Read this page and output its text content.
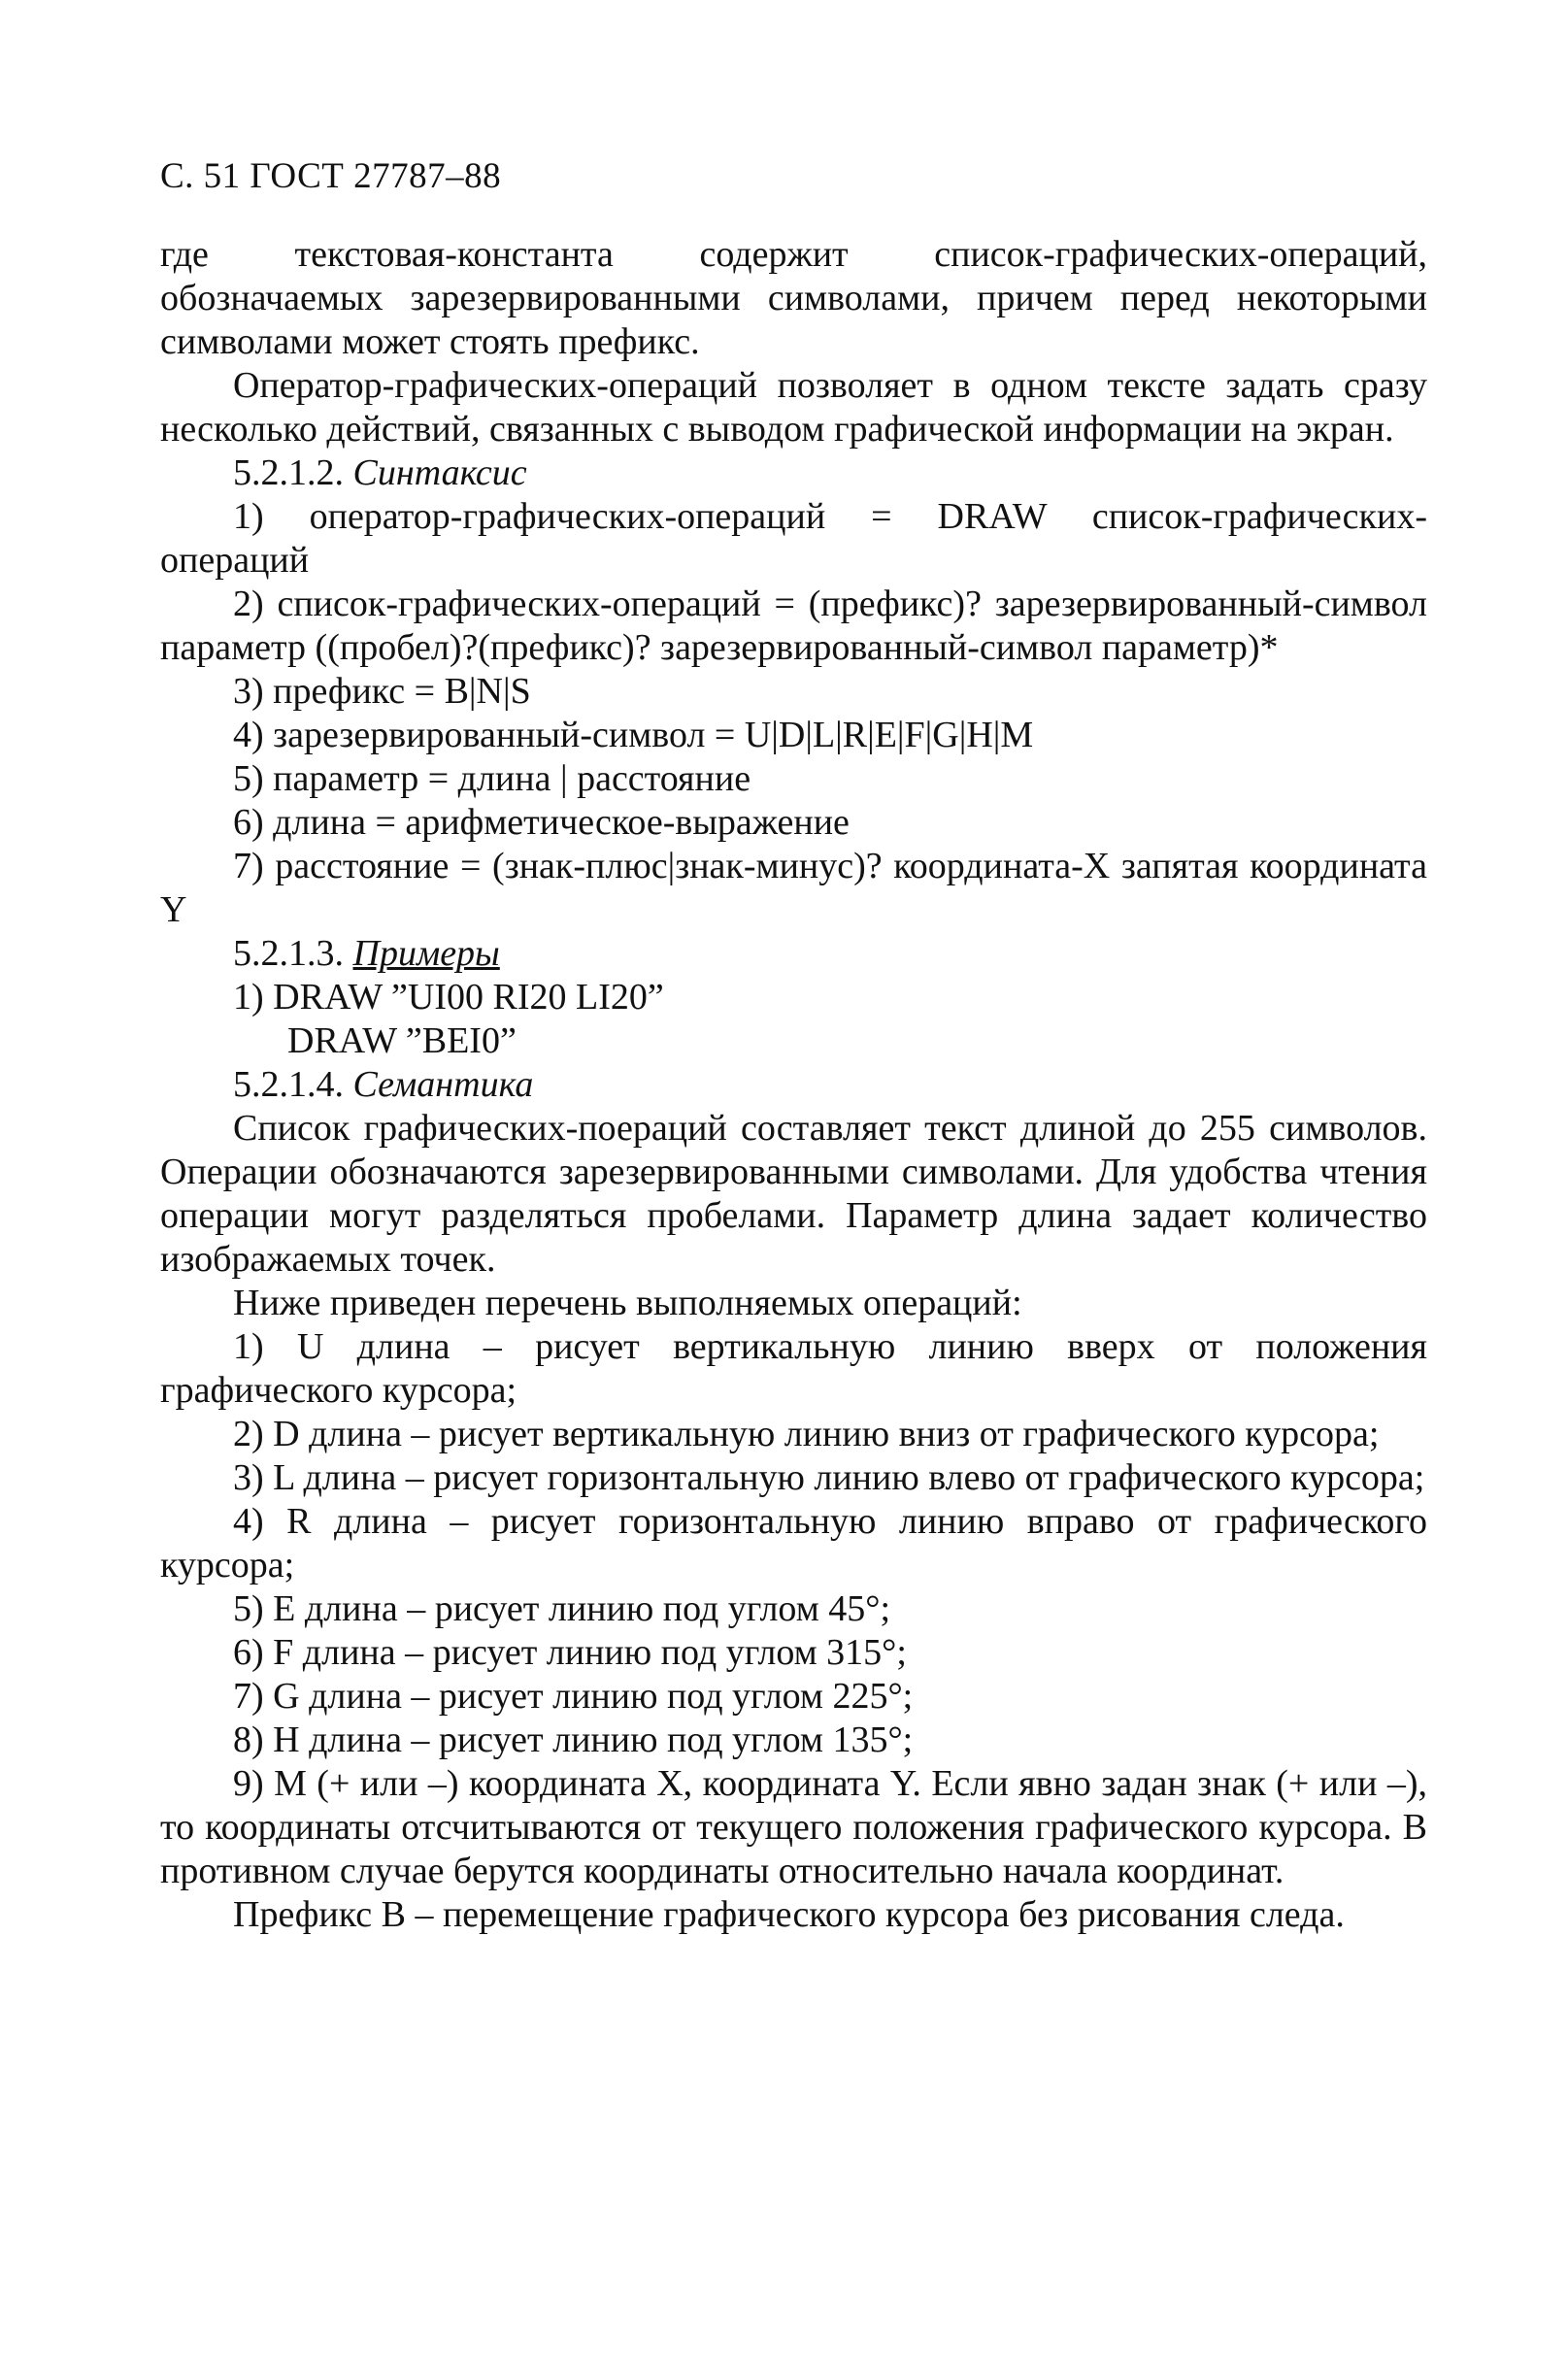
С. 51 ГОСТ 27787–88

где текстовая-константа содержит список-графических-операций, обозначаемых зарезервированными символами, причем перед некоторыми символами может стоять префикс.

Оператор-графических-операций позволяет в одном тексте задать сразу несколько действий, связанных с выводом графической информации на экран.

5.2.1.2. Синтаксис

1) оператор-графических-операций = DRAW список-графических-операций

2) список-графических-операций = (префикс)? зарезервированный-символ параметр ((пробел)?(префикс)? зарезервированный-символ параметр)*

3) префикс = B|N|S

4) зарезервированный-символ = U|D|L|R|E|F|G|H|M

5) параметр = длина | расстояние

6) длина = арифметическое-выражение

7) расстояние = (знак-плюс|знак-минус)? координата-X запятая координата Y

5.2.1.3. Примеры

1) DRAW ”UI00 RI20 LI20”

DRAW ”BEI0”

5.2.1.4. Семантика

Список графических-поераций составляет текст длиной до 255 символов. Операции обозначаются зарезервированными символами. Для удобства чтения операции могут разделяться пробелами. Параметр длина задает количество изображаемых точек.

Ниже приведен перечень выполняемых операций:

1) U длина – рисует вертикальную линию вверх от положения графического курсора;

2) D длина – рисует вертикальную линию вниз от графического курсора;

3) L длина – рисует горизонтальную линию влево от графического курсора;

4) R длина – рисует горизонтальную линию вправо от графического курсора;

5) E длина – рисует линию под углом 45°;

6) F длина – рисует линию под углом 315°;

7) G длина – рисует линию под углом 225°;

8) H длина – рисует линию под углом 135°;

9) M (+ или –) координата X, координата Y. Если явно задан знак (+ или –), то координаты отсчитываются от текущего положения графического курсора. В противном случае берутся координаты относительно начала координат.

Префикс B – перемещение графического курсора без рисования следа.
